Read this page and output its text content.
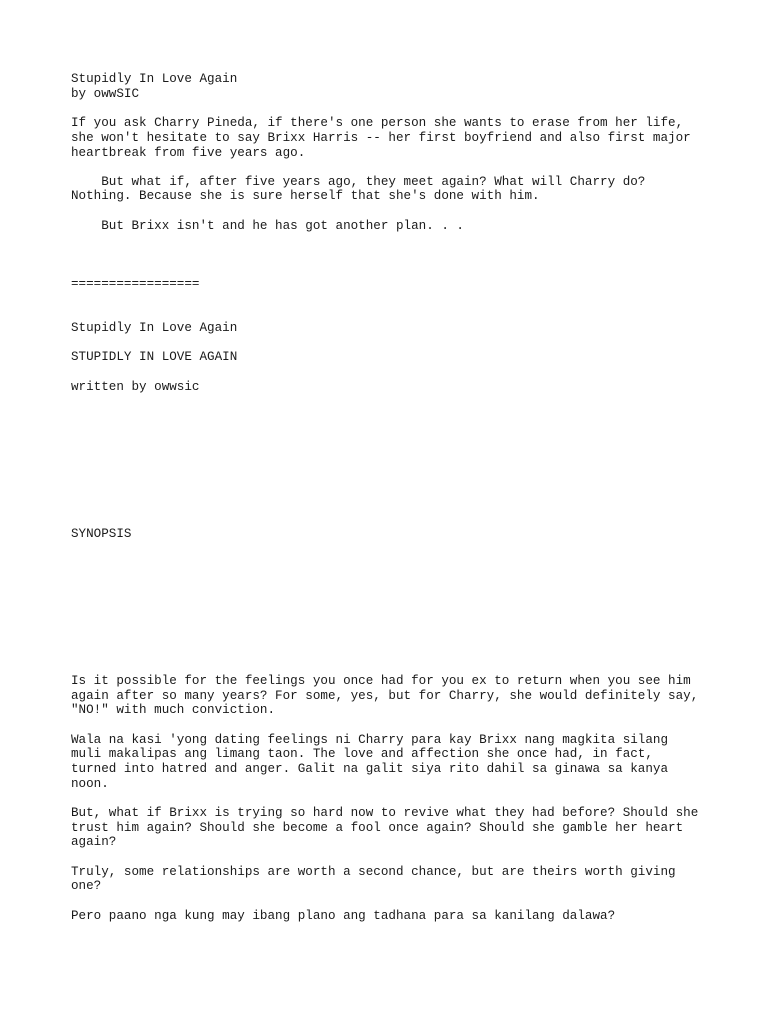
Stupidly In Love Again
by owwSIC
If you ask Charry Pineda, if there's one person she wants to erase from her life,
she won't hesitate to say Brixx Harris -- her first boyfriend and also first major
heartbreak from five years ago.
But what if, after five years ago, they meet again? What will Charry do?
Nothing. Because she is sure herself that she's done with him.
But Brixx isn't and he has got another plan. . .
=================
Stupidly In Love Again
STUPIDLY IN LOVE AGAIN
written by owwsic
SYNOPSIS
Is it possible for the feelings you once had for you ex to return when you see him
again after so many years? For some, yes, but for Charry, she would definitely say,
"NO!" with much conviction.
Wala na kasi 'yong dating feelings ni Charry para kay Brixx nang magkita silang
muli makalipas ang limang taon. The love and affection she once had, in fact,
turned into hatred and anger. Galit na galit siya rito dahil sa ginawa sa kanya
noon.
But, what if Brixx is trying so hard now to revive what they had before? Should she
trust him again? Should she become a fool once again? Should she gamble her heart
again?
Truly, some relationships are worth a second chance, but are theirs worth giving
one?
Pero paano nga kung may ibang plano ang tadhana para sa kanilang dalawa?
